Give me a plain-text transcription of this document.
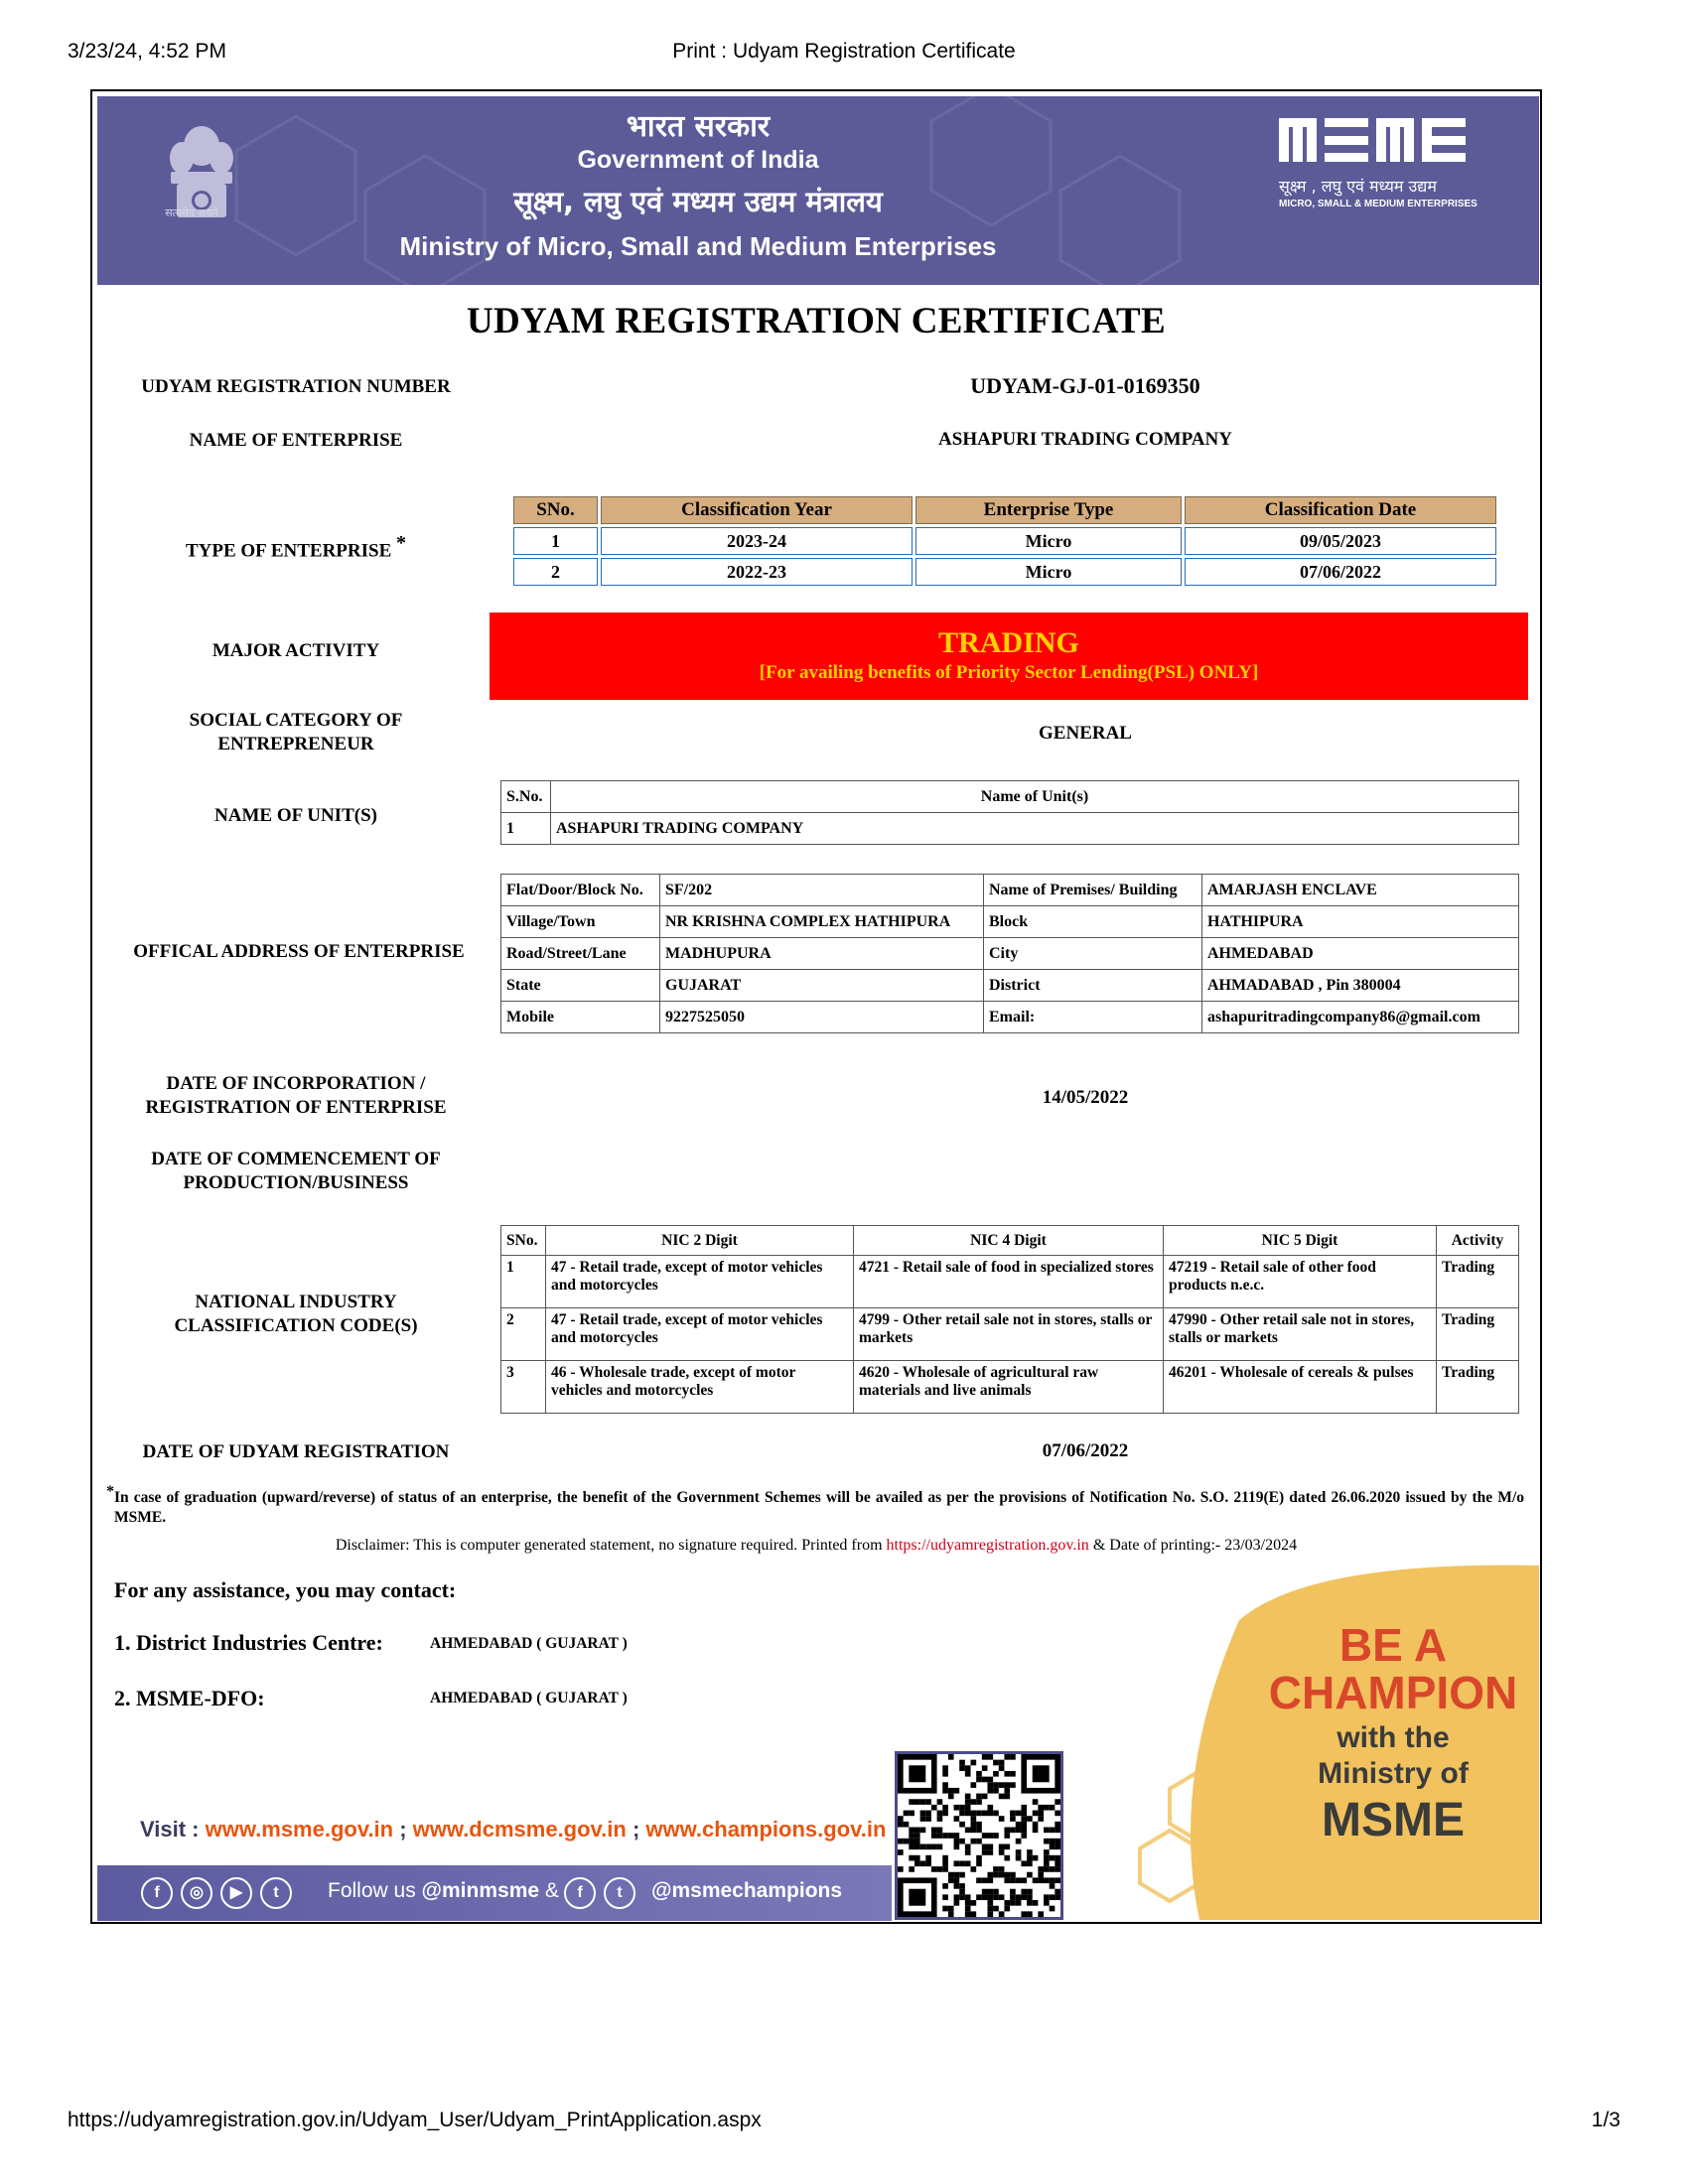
3/23/24, 4:52 PM	Print : Udyam Registration Certificate
सत्यमेव जयते
भारत सरकार
Government of India
सूक्ष्म, लघु एवं मध्यम उद्यम मंत्रालय
Ministry of Micro, Small and Medium Enterprises
सूक्ष्म , लघु एवं मध्यम उद्यम
MICRO, SMALL & MEDIUM ENTERPRISES
UDYAM REGISTRATION CERTIFICATE
UDYAM REGISTRATION NUMBER	UDYAM-GJ-01-0169350
NAME OF ENTERPRISE	ASHAPURI TRADING COMPANY
TYPE OF ENTERPRISE *
SNo.	Classification Year	Enterprise Type	Classification Date
1	2023-24	Micro	09/05/2023
2	2022-23	Micro	07/06/2022
MAJOR ACTIVITY	TRADING
[For availing benefits of Priority Sector Lending(PSL) ONLY]
SOCIAL CATEGORY OF
ENTREPRENEUR
GENERAL
NAME OF UNIT(S)
S.No.	Name of Unit(s)
1	ASHAPURI TRADING COMPANY
OFFICAL ADDRESS OF ENTERPRISE
Flat/Door/Block No.	SF/202	Name of Premises/ Building	AMARJASH ENCLAVE
Village/Town	NR KRISHNA COMPLEX HATHIPURA	Block	HATHIPURA
Road/Street/Lane	MADHUPURA	City	AHMEDABAD
State	GUJARAT	District	AHMADABAD , Pin 380004
Mobile	9227525050	Email:	ashapuritradingcompany86@gmail.com
DATE OF INCORPORATION /
REGISTRATION OF ENTERPRISE	14/05/2022
DATE OF COMMENCEMENT OF
PRODUCTION/BUSINESS
NATIONAL INDUSTRY
CLASSIFICATION CODE(S)
SNo.	NIC 2 Digit	NIC 4 Digit	NIC 5 Digit	Activity
1	47 - Retail trade, except of motor vehicles and motorcycles	4721 - Retail sale of food in specialized stores	47219 - Retail sale of other food products n.e.c.	Trading
2	47 - Retail trade, except of motor vehicles and motorcycles	4799 - Other retail sale not in stores, stalls or markets	47990 - Other retail sale not in stores, stalls or markets	Trading
3	46 - Wholesale trade, except of motor vehicles and motorcycles	4620 - Wholesale of agricultural raw materials and live animals	46201 - Wholesale of cereals & pulses	Trading
DATE OF UDYAM REGISTRATION	07/06/2022
* In case of graduation (upward/reverse) of status of an enterprise, the benefit of the Government Schemes will be availed as per the provisions of Notification No. S.O. 2119(E) dated 26.06.2020 issued by the M/o MSME.
Disclaimer: This is computer generated statement, no signature required. Printed from https://udyamregistration.gov.in & Date of printing:- 23/03/2024
For any assistance, you may contact:
1. District Industries Centre:	AHMEDABAD ( GUJARAT )
2. MSME-DFO:	AHMEDABAD ( GUJARAT )
BE A
CHAMPION
with the
Ministry of
MSME
Visit : www.msme.gov.in ; www.dcmsme.gov.in ; www.champions.gov.in
f	◎	▶	t	Follow us @minmsme &	f	t	@msmechampions
https://udyamregistration.gov.in/Udyam_User/Udyam_PrintApplication.aspx	1/3
